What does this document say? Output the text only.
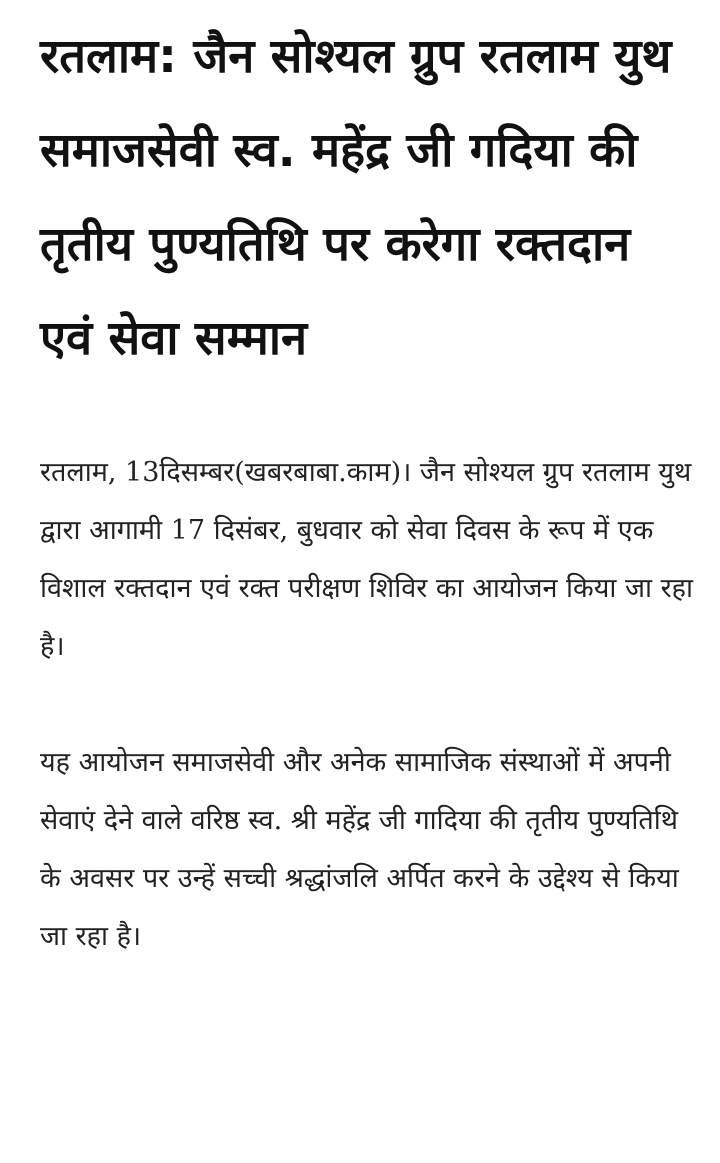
रतलाम: जैन सोश्यल ग्रुप रतलाम युथ समाजसेवी स्व. महेंद्र जी गदिया की तृतीय पुण्यतिथि पर करेगा रक्तदान एवं सेवा सम्मान

रतलाम, 13दिसम्बर(खबरबाबा.काम)। जैन सोश्यल ग्रुप रतलाम युथ द्वारा आगामी 17 दिसंबर, बुधवार को सेवा दिवस के रूप में एक विशाल रक्तदान एवं रक्त परीक्षण शिविर का आयोजन किया जा रहा है।

यह आयोजन समाजसेवी और अनेक सामाजिक संस्थाओं में अपनी सेवाएं देने वाले वरिष्ठ स्व. श्री महेंद्र जी गादिया की तृतीय पुण्यतिथि के अवसर पर उन्हें सच्ची श्रद्धांजलि अर्पित करने के उद्देश्य से किया जा रहा है।
